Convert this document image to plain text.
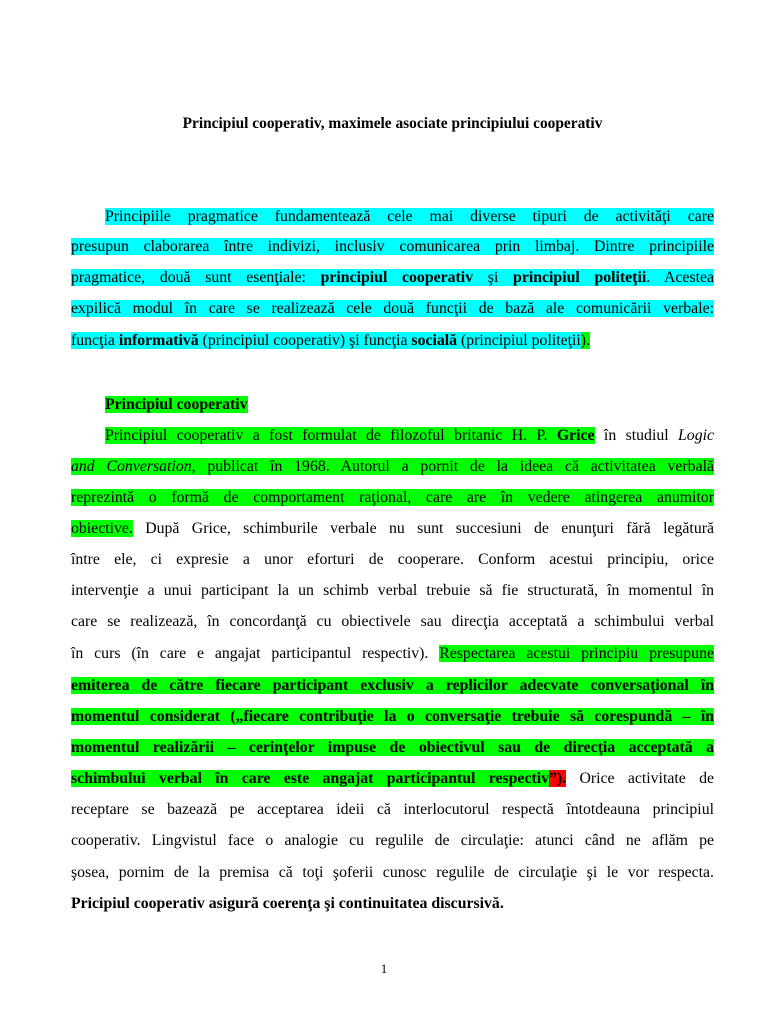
Principiul cooperativ, maximele asociate principiului cooperativ
Principiile pragmatice fundamentează cele mai diverse tipuri de activităţi care
presupun claborarea între indivizi, inclusiv comunicarea prin limbaj. Dintre principiile
pragmatice, două sunt esenţiale: principiul cooperativ şi principiul politeţii. Acestea
expilică modul în care se realizează cele două funcţii de bază ale comunicării verbale:
funcţia informativă (principiul cooperativ) şi funcţia socială (principiul politeţii).
Principiul cooperativ
Principiul cooperativ a fost formulat de filozoful britanic H. P. Grice în studiul Logic
and Conversation, publicat în 1968. Autorul a pornit de la ideea că activitatea verbală
reprezintă o formă de comportament raţional, care are în vedere atingerea anumitor
obiective. După Grice, schimburile verbale nu sunt succesiuni de enunţuri fără legătură
între ele, ci expresie a unor eforturi de cooperare. Conform acestui principiu, orice
intervenţie a unui participant la un schimb verbal trebuie să fie structurată, în momentul în
care se realizează, în concordanţă cu obiectivele sau direcţia acceptată a schimbului verbal
în curs (în care e angajat participantul respectiv). Respectarea acestui principiu presupune
emiterea de către fiecare participant exclusiv a replicilor adecvate conversaţional în
momentul considerat („fiecare contribuţie la o conversaţie trebuie să corespundă – în
momentul realizării – cerinţelor impuse de obiectivul sau de direcţia acceptată a
schimbului verbal în care este angajat participantul respectiv”). Orice activitate de
receptare se bazează pe acceptarea ideii că interlocutorul respectă întotdeauna principiul
cooperativ. Lingvistul face o analogie cu regulile de circulaţie: atunci când ne aflăm pe
şosea, pornim de la premisa că toţi şoferii cunosc regulile de circulaţie şi le vor respecta.
Pricipiul cooperativ asigură coerenţa şi continuitatea discursivă.
1
